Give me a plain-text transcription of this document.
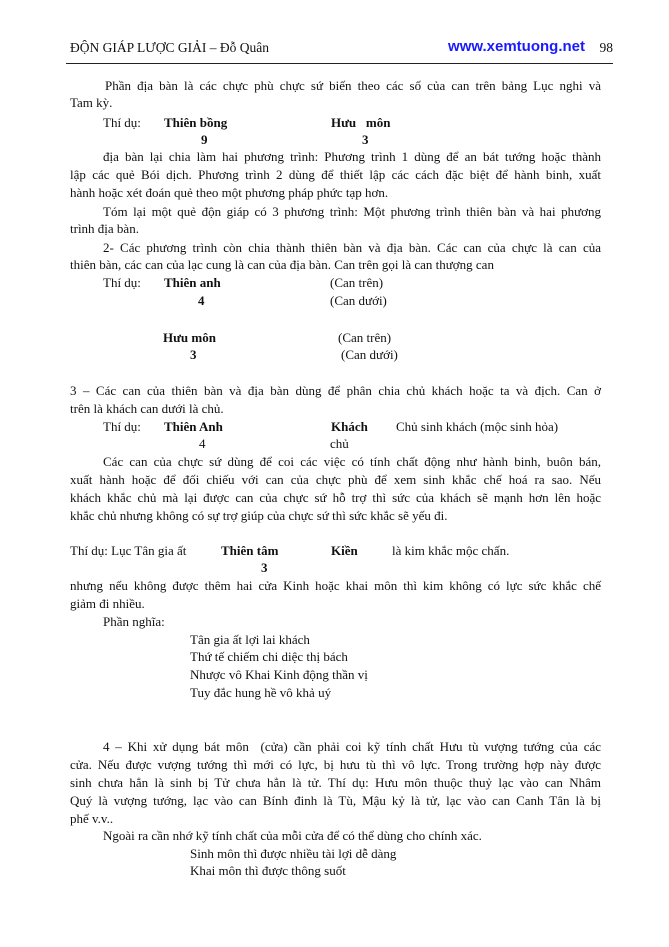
ĐỘN GIÁP LƯỢC GIẢI – Đỗ Quân	www.xemtuong.net 98
Phần địa bàn là các chực phù chực sứ biến theo các số của can trên bảng Lục nghi và
Tam kỳ.
Thí dụ: Thiên bồng	Hưu   môn
9	3
địa bàn lại chia làm hai phương trình: Phương trình 1 dùng để an bát tướng hoặc thành
lập các quẻ Bói dịch. Phương trình 2 dùng để thiết lập các cách đặc biệt để hành binh, xuất
hành hoặc xét đoán quẻ theo một phương pháp phức tạp hơn.
Tóm lại một quẻ độn giáp có 3 phương trình: Một phương trình thiên bàn và hai phương
trình địa bàn.
2- Các phương trình còn chia thành thiên bàn và địa bàn. Các can của chực là can của
thiên bàn, các can của lạc cung là can của địa bàn. Can trên gọi là can thượng can
Thí dụ: Thiên anh	(Can trên)
4	(Can dưới)
Hưu môn	(Can trên)
3	(Can dưới)
3 – Các can của thiên bàn và địa bàn dùng để phân chia chủ khách hoặc ta và địch. Can ở
trên là khách can dưới là chủ.
Thí dụ: Thiên Anh	Khách Chủ sinh khách (mộc sinh hỏa)
4	chủ
Các can của chực sứ dùng để coi các việc có tính chất động như hành binh, buôn bán,
xuất hành hoặc để đối chiếu với can của chực phù để xem sinh khắc chế hoá ra sao. Nếu
khách khắc chủ mà lại được can của chực sứ hỗ trợ thì sức của khách sẽ mạnh hơn lên hoặc
khắc chủ nhưng không có sự trợ giúp của chực sứ thì sức khắc sẽ yếu đi.
Thí dụ: Lục Tân gia ất	Thiên tâm	Kiền	là kim khắc mộc chấn.
3
nhưng nếu không được thêm hai cửa Kinh hoặc khai môn thì kim không có lực sức khắc chế
giảm đi nhiều.
Phần nghĩa:
Tân gia ất lợi lai khách
Thứ tế chiếm chi diệc thị bách
Nhược vô Khai Kinh động thần vị
Tuy đắc hung hề vô khả uý
4 – Khi xử dụng bát môn  (cửa) cần phải coi kỹ tính chất Hưu tù vượng tướng của các
cửa. Nếu được vượng tướng thì mới có lực, bị hưu tù thì vô lực. Trong trường hợp này được
sinh chưa hẳn là sinh bị Tử chưa hẳn là tử. Thí dụ: Hưu môn thuộc thuỷ lạc vào can Nhâm
Quý là vượng tướng, lạc vào can Bính đinh là Tù, Mậu kỷ là tử, lạc vào can Canh Tân là bị
phế v.v..
Ngoài ra cần nhớ kỹ tính chất của mỗi cửa để có thể dùng cho chính xác.
Sinh môn thì được nhiều tài lợi dễ dàng
Khai môn thì được thông suốt
